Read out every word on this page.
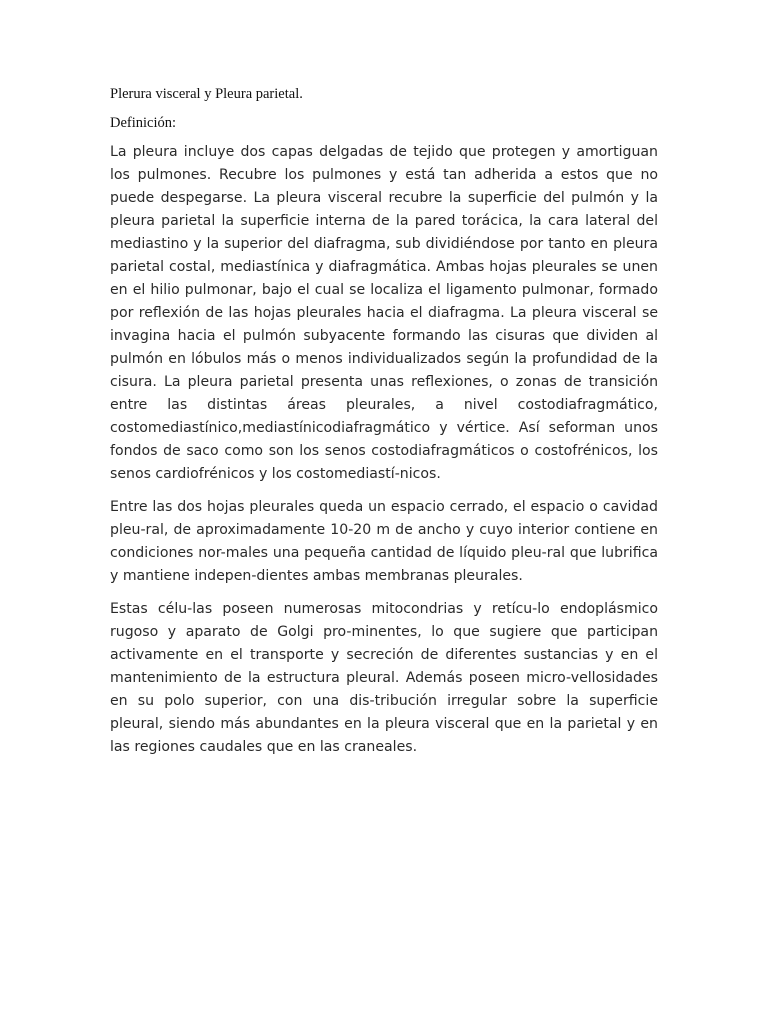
Plerura visceral y Pleura parietal.

Definición:

La pleura incluye dos capas delgadas de tejido que protegen y amortiguan los pulmones. Recubre los pulmones y está tan adherida a estos que no puede despegarse. La pleura visceral recubre la superficie del pulmón y la pleura parietal la superficie interna de la pared torácica, la cara lateral del mediastino y la superior del diafragma, sub dividiéndose por tanto en pleura parietal costal, mediastínica y diafragmática. Ambas hojas pleurales se unen en el hilio pulmonar, bajo el cual se localiza el ligamento pulmonar, formado por reflexión de las hojas pleurales hacia el diafragma. La pleura visceral se invagina hacia el pulmón subyacente formando las cisuras que dividen al pulmón en lóbulos más o menos individualizados según la profundidad de la cisura. La pleura parietal presenta unas reflexiones, o zonas de transición entre las distintas áreas pleurales, a nivel costodiafragmático, costomediastínico,mediastínicodiafragmático y vértice. Así seforman unos fondos de saco como son los senos costodiafragmáticos o costofrénicos, los senos cardiofrénicos y los costomediastí-nicos.

Entre las dos hojas pleurales queda un espacio cerrado, el espacio o cavidad pleu-ral, de aproximadamente 10-20 m de ancho y cuyo interior contiene en condiciones nor-males una pequeña cantidad de líquido pleu-ral que lubrifica y mantiene indepen-dientes ambas membranas pleurales.

Estas célu-las poseen numerosas mitocondrias y retícu-lo endoplásmico rugoso y aparato de Golgi pro-minentes, lo que sugiere que participan activamente en el transporte y secreción de diferentes sustancias y en el mantenimiento de la estructura pleural. Además poseen micro-vellosidades en su polo superior, con una dis-tribución irregular sobre la superficie pleural, siendo más abundantes en la pleura visceral que en la parietal y en las regiones caudales que en las craneales.
